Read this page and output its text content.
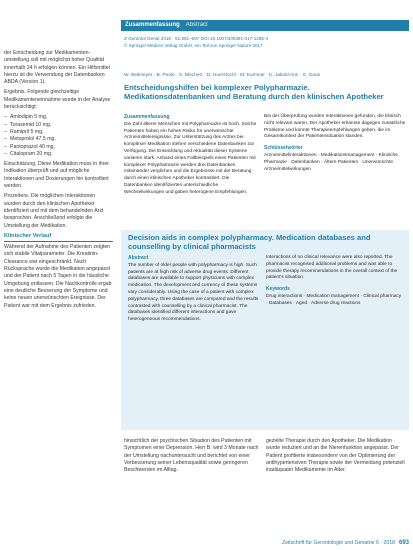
der Entscheidung zur Medikamenten-umstellung soll mit möglichst hoher Qualität innerhalb 24 h erfolgen können. Ein Hilfsmittel hierzu ist die Verwendung der Datenbanken ABDA (Version 1).

Ergebnis. Folgende gleichzeitige Medikamenteneinnahme wurde in der Analyse berücksichtigt:

– Amlodipin 5 mg,
– Torasemid 10 mg,
– Ramipril 5 mg,
– Metoprolol 47,5 mg,
– Pantoprazol 40 mg,
– Citalopram 20 mg.

Einschätzung. Diese Medikation muss in ihrer Indikation überprüft und auf mögliche Interaktionen und Dosierungen hin kontrolliert werden.

Prozedere. Die möglichen Interaktionen wurden durch den klinischen Apotheker identifiziert und mit dem behandelnden Arzt besprochen. Anschließend erfolgte die Umstellung der Medikation.

Klinischer Verlauf

Während der Aufnahme des Patienten zeigten sich stabile Vitalparameter. Die Kreatinin-Clearance war eingeschränkt. Nach Rücksprache wurde die Medikation angepasst und der Patient nach 5 Tagen in die häusliche Umgebung entlassen. Die Nachkontrolle ergab eine deutliche Besserung der Symptome und keine neuen unerwünschten Ereignisse. Der Patient war mit dem Ergebnis zufrieden.

Zusammenfassung Abstract
Z Gerontol Geriat 2018 · 51:691–697 DOI 10.1007/s00391-017-1285-4
© Springer Medizin Verlag GmbH, ein Teil von Springer Nature 2017
W. Walmeyer · B. Poole · S. Blechert · D. Huerstochl · M. Kummer · K. Jakobi-rinn · S. Gaus
Entscheidungshilfen bei komplexer Polypharmazie. Medikationsdatenbanken und Beratung durch den klinischen Apotheker
Zusammenfassung

Die Zahl älterer Menschen mit Polypharmazie ist hoch. Solche Patienten haben ein hohes Risiko für unerwünschte Arzneimittelereignisse. Zur Unterstützung des Arztes bei komplexer Medikation stehen verschiedene Datenbanken zur Verfügung. Die Entwicklung und Aktualität dieser Systeme variieren stark. Anhand eines Fallbeispiels eines Patienten mit komplexer Polypharmazie werden drei Datenbanken miteinander verglichen und die Ergebnisse mit der Beratung durch einen klinischen Apotheker kontrastiert. Die Datenbanken identifizierten unterschiedliche Wechselwirkungen und gaben heterogene Empfehlungen.

Bei der Überprüfung wurden Interaktionen gefunden, die klinisch nicht relevant waren. Der Apotheker erkannte dagegen zusätzliche Probleme und konnte Therapieempfehlungen geben, die im Gesamtkontext der Patientensituation standen.

Schlüsselwörter

Arzneimittelinteraktionen · Medikationsmanagement · Klinische Pharmazie · Datenbanken · Ältere Patienten · Unerwünschte Arzneimittelwirkungen

Decision aids in complex polypharmacy. Medication databases and counselling by clinical pharmacists
Abstract

The number of older people with polypharmacy is high. Such patients are at high risk of adverse drug events. Different databases are available to support physicians with complex medication. The development and currency of these systems vary considerably. Using the case of a patient with complex polypharmacy, three databases are compared and the results contrasted with counselling by a clinical pharmacist. The databases identified different interactions and gave heterogeneous recommendations.

Interactions of no clinical relevance were also reported. The pharmacist recognised additional problems and was able to provide therapy recommendations in the overall context of the patient's situation.

Keywords

Drug interactions · Medication management · Clinical pharmacy · Databases · Aged · Adverse drug reactions

hinsichtlich der psychischen Situation des Patienten mit Symptomen einer Depression. Herr B. wird 3 Monate nach der Umstellung nachuntersucht und berichtet von einer Verbesserung seiner Lebensqualität sowie geringeren Beschwerden im Alltag.

gezielte Therapie durch den Apotheker. Die Medikation wurde reduziert und an die Nierenfunktion angepasst. Der Patient profitierte insbesondere von der Optimierung der antihypertensiven Therapie sowie der Vermeidung potenziell inadäquater Medikamente im Alter.

Zeitschrift für Gerontologie und Geriatrie 6 · 2018 693
